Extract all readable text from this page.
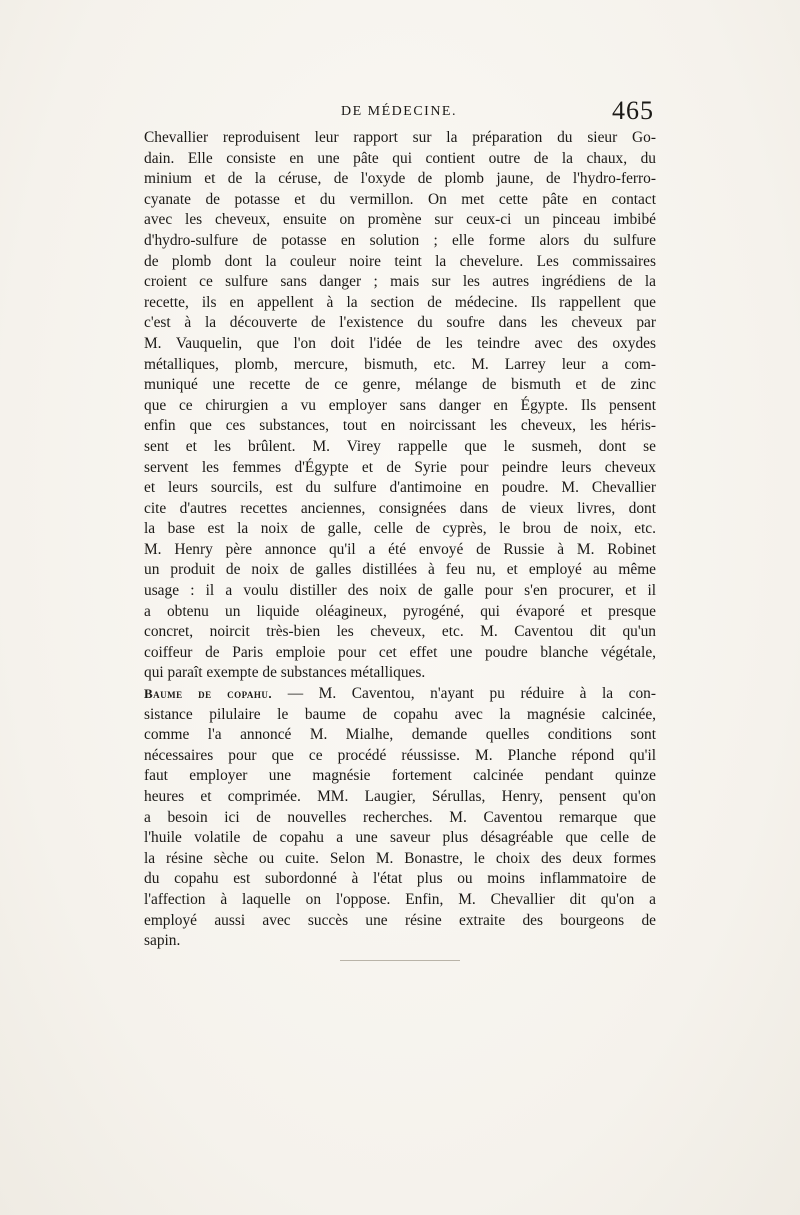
DE MÉDECINE.	465
Chevallier reproduisent leur rapport sur la préparation du sieur Go-
dain. Elle consiste en une pâte qui contient outre de la chaux, du
minium et de la céruse, de l'oxyde de plomb jaune, de l'hydro-ferro-
cyanate de potasse et du vermillon. On met cette pâte en contact
avec les cheveux, ensuite on promène sur ceux-ci un pinceau imbibé
d'hydro-sulfure de potasse en solution ; elle forme alors du sulfure
de plomb dont la couleur noire teint la chevelure. Les commissaires
croient ce sulfure sans danger ; mais sur les autres ingrédiens de la
recette, ils en appellent à la section de médecine. Ils rappellent que
c'est à la découverte de l'existence du soufre dans les cheveux par
M. Vauquelin, que l'on doit l'idée de les teindre avec des oxydes
métalliques, plomb, mercure, bismuth, etc. M. Larrey leur a com-
muniqué une recette de ce genre, mélange de bismuth et de zinc
que ce chirurgien a vu employer sans danger en Égypte. Ils pensent
enfin que ces substances, tout en noircissant les cheveux, les héris-
sent et les brûlent. M. Virey rappelle que le susmeh, dont se
servent les femmes d'Égypte et de Syrie pour peindre leurs cheveux
et leurs sourcils, est du sulfure d'antimoine en poudre. M. Chevallier
cite d'autres recettes anciennes, consignées dans de vieux livres, dont
la base est la noix de galle, celle de cyprès, le brou de noix, etc.
M. Henry père annonce qu'il a été envoyé de Russie à M. Robinet
un produit de noix de galles distillées à feu nu, et employé au même
usage : il a voulu distiller des noix de galle pour s'en procurer, et il
a obtenu un liquide oléagineux, pyrogéné, qui évaporé et presque
concret, noircit très-bien les cheveux, etc. M. Caventou dit qu'un
coiffeur de Paris emploie pour cet effet une poudre blanche végétale,
qui paraît exempte de substances métalliques.
Baume de copahu. — M. Caventou, n'ayant pu réduire à la con-
sistance pilulaire le baume de copahu avec la magnésie calcinée,
comme l'a annoncé M. Mialhe, demande quelles conditions sont
nécessaires pour que ce procédé réussisse. M. Planche répond qu'il
faut employer une magnésie fortement calcinée pendant quinze
heures et comprimée. MM. Laugier, Sérullas, Henry, pensent qu'on
a besoin ici de nouvelles recherches. M. Caventou remarque que
l'huile volatile de copahu a une saveur plus désagréable que celle de
la résine sèche ou cuite. Selon M. Bonastre, le choix des deux formes
du copahu est subordonné à l'état plus ou moins inflammatoire de
l'affection à laquelle on l'oppose. Enfin, M. Chevallier dit qu'on a
employé aussi avec succès une résine extraite des bourgeons de
sapin.
